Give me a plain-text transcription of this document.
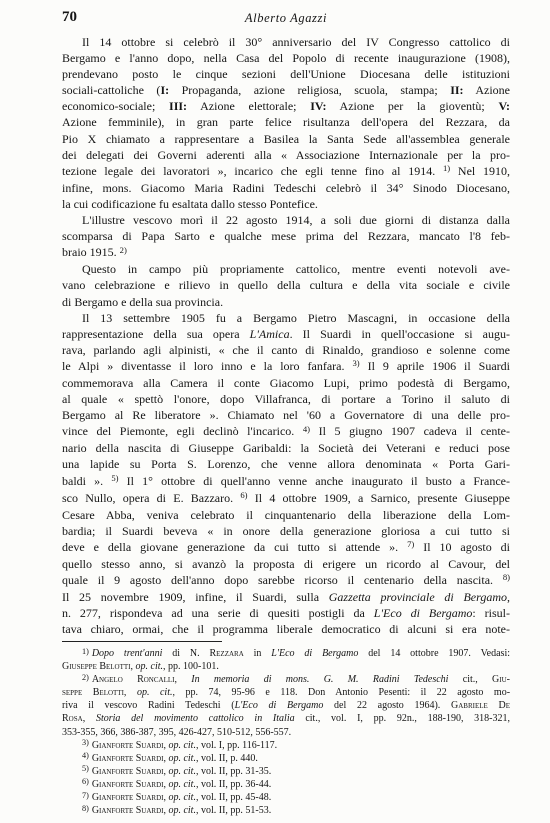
70	Alberto Agazzi
Il 14 ottobre si celebrò il 30° anniversario del IV Congresso cattolico di
Bergamo e l'anno dopo, nella Casa del Popolo di recente inaugurazione (1908),
prendevano posto le cinque sezioni dell'Unione Diocesana delle istituzioni
sociali-cattoliche (I: Propaganda, azione religiosa, scuola, stampa; II: Azione
economico-sociale; III: Azione elettorale; IV: Azione per la gioventù; V:
Azione femminile), in gran parte felice risultanza dell'opera del Rezzara, da
Pio X chiamato a rappresentare a Basilea la Santa Sede all'assemblea generale
dei delegati dei Governi aderenti alla « Associazione Internazionale per la pro-
tezione legale dei lavoratori », incarico che egli tenne fino al 1914. $^{1)}$ Nel 1910,
infine, mons. Giacomo Maria Radini Tedeschi celebrò il 34° Sinodo Diocesano,
la cui codificazione fu esaltata dallo stesso Pontefice.
L'illustre vescovo morì il 22 agosto 1914, a soli due giorni di distanza dalla
scomparsa di Papa Sarto e qualche mese prima del Rezzara, mancato l'8 feb-
braio 1915. $^{2)}$
Questo in campo più propriamente cattolico, mentre eventi notevoli ave-
vano celebrazione e rilievo in quello della cultura e della vita sociale e civile
di Bergamo e della sua provincia.
Il 13 settembre 1905 fu a Bergamo Pietro Mascagni, in occasione della
rappresentazione della sua opera L'Amica. Il Suardi in quell'occasione si augu-
rava, parlando agli alpinisti, « che il canto di Rinaldo, grandioso e solenne come
le Alpi » diventasse il loro inno e la loro fanfara. $^{3)}$ Il 9 aprile 1906 il Suardi
commemorava alla Camera il conte Giacomo Lupi, primo podestà di Bergamo,
al quale « spettò l'onore, dopo Villafranca, di portare a Torino il saluto di
Bergamo al Re liberatore ». Chiamato nel '60 a Governatore di una delle pro-
vince del Piemonte, egli declinò l'incarico. $^{4)}$ Il 5 giugno 1907 cadeva il cente-
nario della nascita di Giuseppe Garibaldi: la Società dei Veterani e reduci pose
una lapide su Porta S. Lorenzo, che venne allora denominata « Porta Gari-
baldi ». $^{5)}$ Il 1° ottobre di quell'anno venne anche inaugurato il busto a France-
sco Nullo, opera di E. Bazzaro. $^{6)}$ Il 4 ottobre 1909, a Sarnico, presente Giuseppe
Cesare Abba, veniva celebrato il cinquantenario della liberazione della Lom-
bardia; il Suardi beveva « in onore della generazione gloriosa a cui tutto si
deve e della giovane generazione da cui tutto si attende ». $^{7)}$ Il 10 agosto di
quello stesso anno, si avanzò la proposta di erigere un ricordo al Cavour, del
quale il 9 agosto dell'anno dopo sarebbe ricorso il centenario della nascita. $^{8)}$
Il 25 novembre 1909, infine, il Suardi, sulla Gazzetta provinciale di Bergamo,
n. 277, rispondeva ad una serie di quesiti postigli da L'Eco di Bergamo: risul-
tava chiaro, ormai, che il programma liberale democratico di alcuni si era note-
$^{1)}$ Dopo trent'anni di N. Rezzara in L'Eco di Bergamo del 14 ottobre 1907. Vedasi:
Giuseppe Belotti, op. cit., pp. 100-101.
$^{2)}$ Angelo Roncalli, In memoria di mons. G. M. Radini Tedeschi cit., Giu-
seppe Belotti, op. cit., pp. 74, 95-96 e 118. Don Antonio Pesenti: il 22 agosto mo-
riva il vescovo Radini Tedeschi (L'Eco di Bergamo del 22 agosto 1964). Gabriele De
Rosa, Storia del movimento cattolico in Italia cit., vol. I, pp. 92n., 188-190, 318-321,
353-355, 366, 386-387, 395, 426-427, 510-512, 556-557.
$^{3)}$ Gianforte Suardi, op. cit., vol. I, pp. 116-117.
$^{4)}$ Gianforte Suardi, op. cit., vol. II, p. 440.
$^{5)}$ Gianforte Suardi, op. cit., vol. II, pp. 31-35.
$^{6)}$ Gianforte Suardi, op. cit., vol. II, pp. 36-44.
$^{7)}$ Gianforte Suardi, op. cit., vol. II, pp. 45-48.
$^{8)}$ Gianforte Suardi, op. cit., vol. II, pp. 51-53.
